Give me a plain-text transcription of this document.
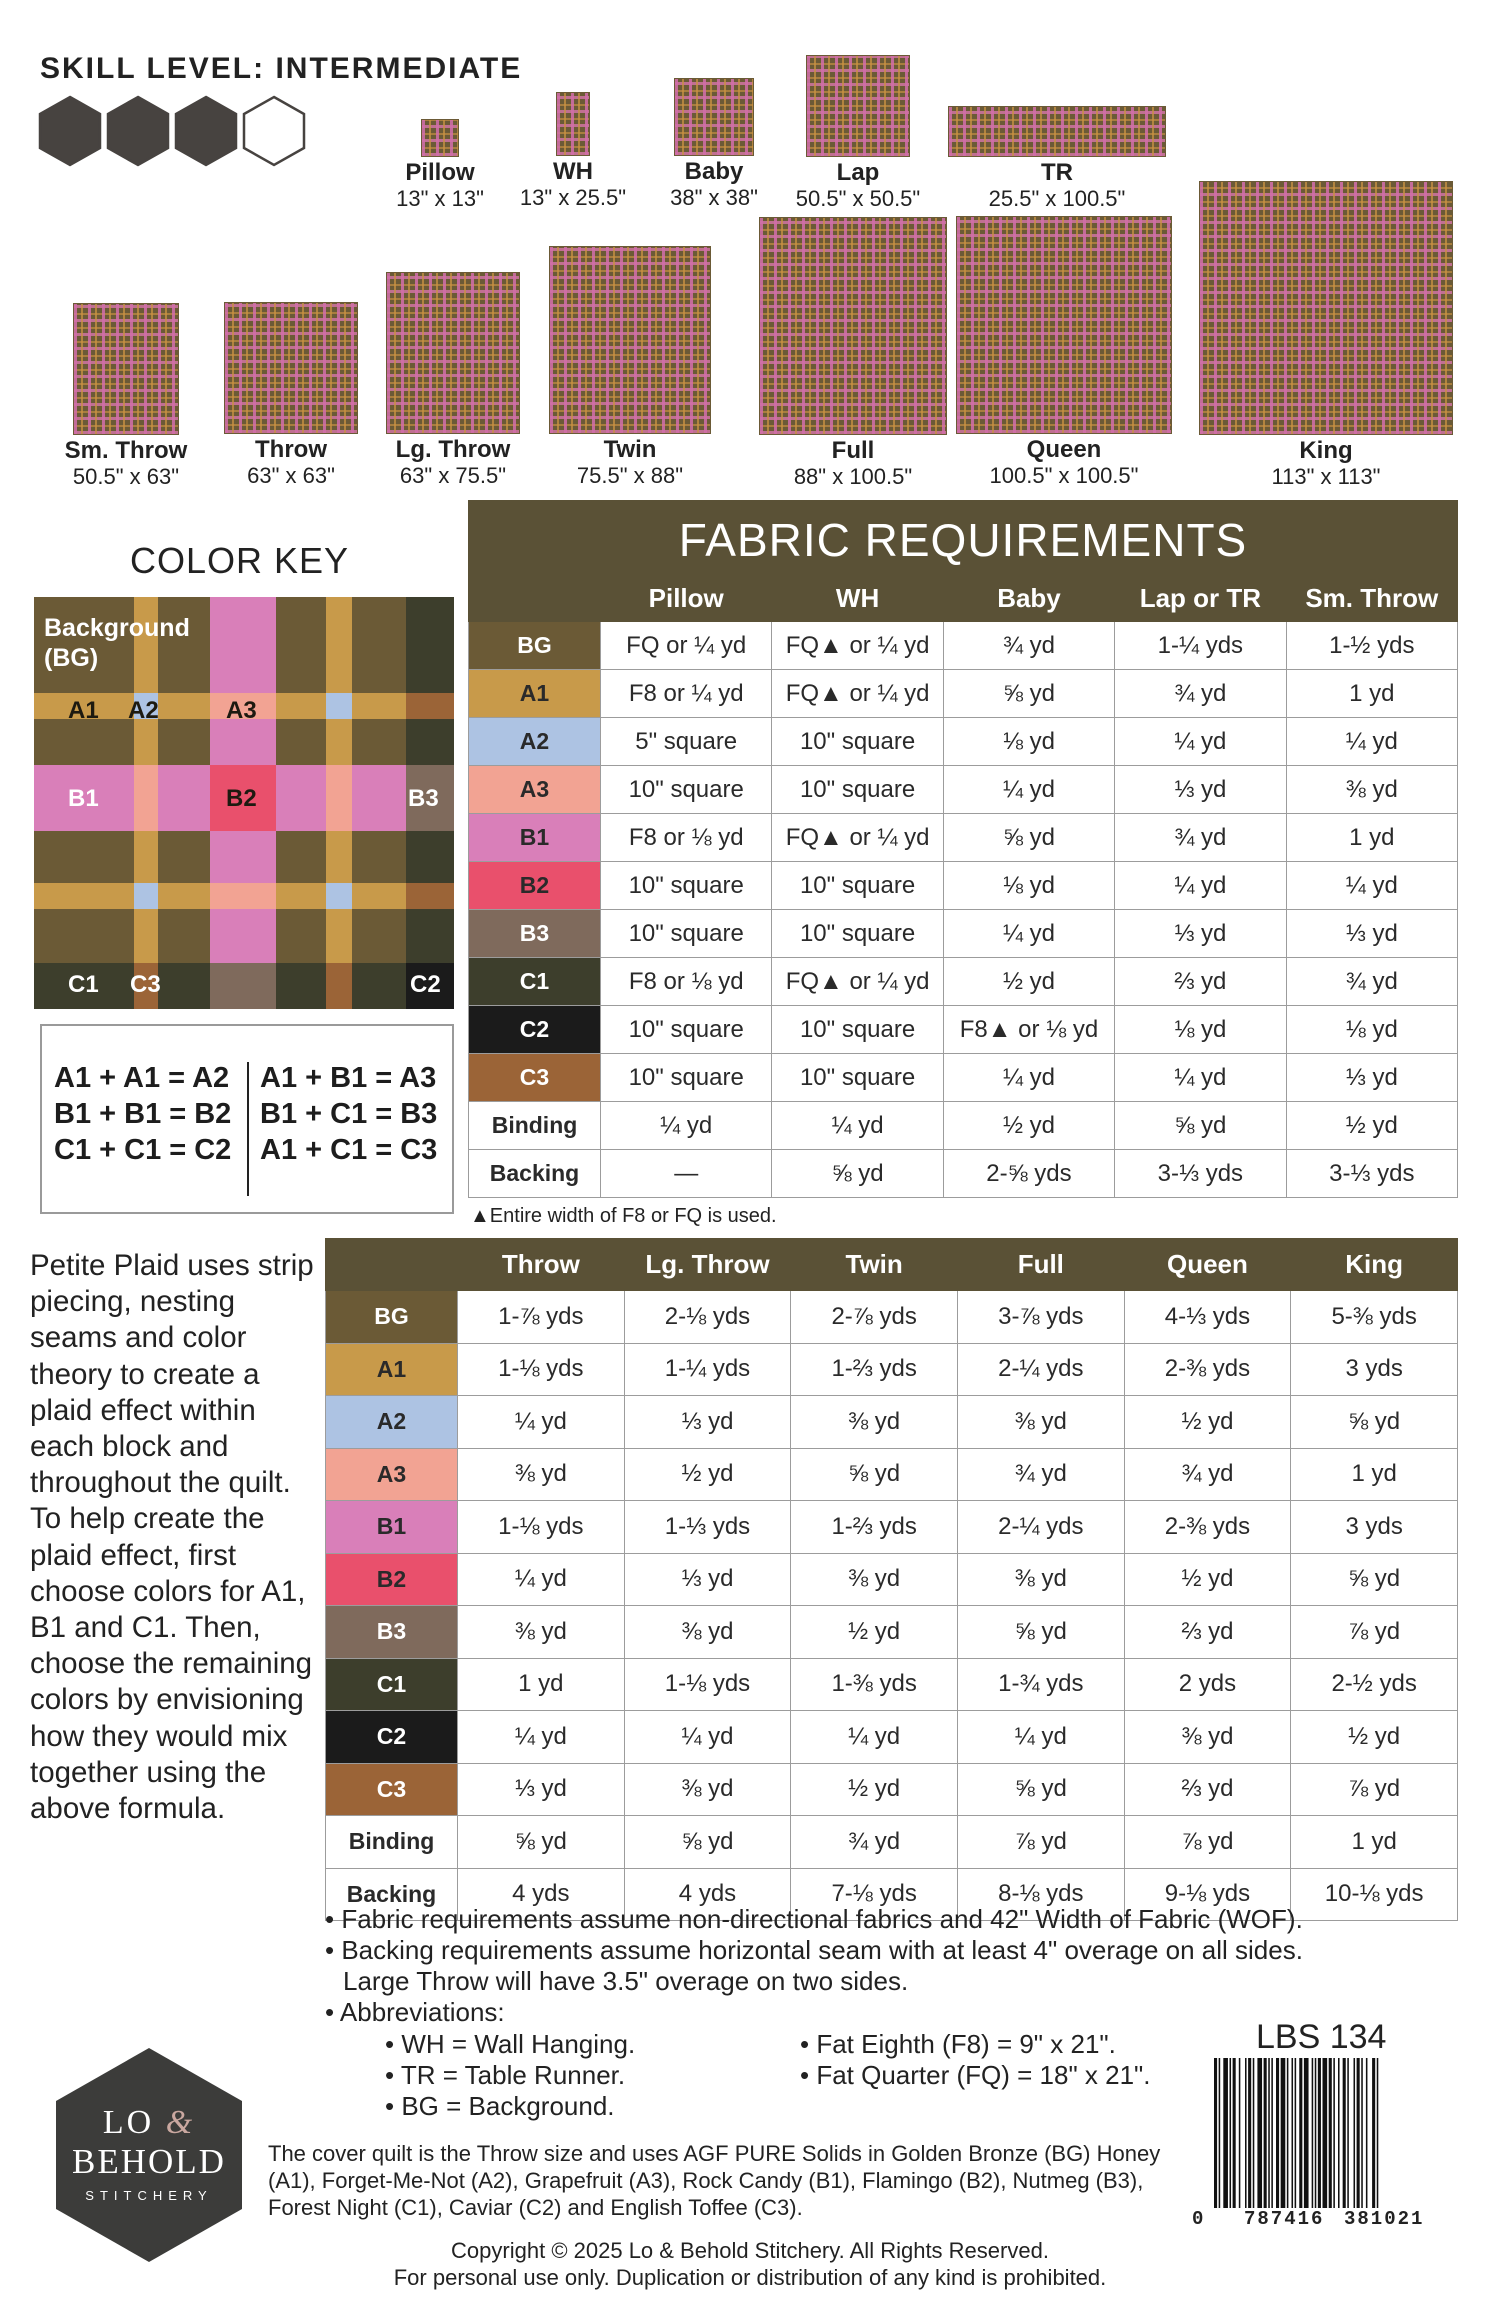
SKILL LEVEL: INTERMEDIATE
Pillow
13" x 13"
WH
13" x 25.5"
Baby
38" x 38"
Lap
50.5" x 50.5"
TR
25.5" x 100.5"
Sm. Throw
50.5" x 63"
Throw
63" x 63"
Lg. Throw
63" x 75.5"
Twin
75.5" x 88"
Full
88" x 100.5"
Queen
100.5" x 100.5"
King
113" x 113"
COLOR KEY
Background
(BG)
A1 A2	A3
B1	B2	B3
C1	C2
C3
A1 + A1 = A2
B1 + B1 = B2
C1 + C1 = C2
A1 + B1 = A3
B1 + C1 = B3
A1 + C1 = C3
FABRIC REQUIREMENTS
	Pillow	WH	Baby	Lap or TR	Sm. Throw
BG	FQ or ¼ yd	FQ▲ or ¼ yd	¾ yd	1-¼ yds	1-½ yds
A1	F8 or ¼ yd	FQ▲ or ¼ yd	⅝ yd	¾ yd	1 yd
A2	5" square	10" square	⅛ yd	¼ yd	¼ yd
A3	10" square	10" square	¼ yd	⅓ yd	⅜ yd
B1	F8 or ⅛ yd	FQ▲ or ¼ yd	⅝ yd	¾ yd	1 yd
B2	10" square	10" square	⅛ yd	¼ yd	¼ yd
B3	10" square	10" square	¼ yd	⅓ yd	⅓ yd
C1	F8 or ⅛ yd	FQ▲ or ¼ yd	½ yd	⅔ yd	¾ yd
C2	10" square	10" square	F8▲ or ⅛ yd	⅛ yd	⅛ yd
C3	10" square	10" square	¼ yd	¼ yd	⅓ yd
Binding	¼ yd	¼ yd	½ yd	⅝ yd	½ yd
Backing	—	⅝ yd	2-⅝ yds	3-⅓ yds	3-⅓ yds
▲Entire width of F8 or FQ is used.
	Throw	Lg. Throw	Twin	Full	Queen	King
BG	1-⅞ yds	2-⅛ yds	2-⅞ yds	3-⅞ yds	4-⅓ yds	5-⅜ yds
A1	1-⅛ yds	1-¼ yds	1-⅔ yds	2-¼ yds	2-⅜ yds	3 yds
A2	¼ yd	⅓ yd	⅜ yd	⅜ yd	½ yd	⅝ yd
A3	⅜ yd	½ yd	⅝ yd	¾ yd	¾ yd	1 yd
B1	1-⅛ yds	1-⅓ yds	1-⅔ yds	2-¼ yds	2-⅜ yds	3 yds
B2	¼ yd	⅓ yd	⅜ yd	⅜ yd	½ yd	⅝ yd
B3	⅜ yd	⅜ yd	½ yd	⅝ yd	⅔ yd	⅞ yd
C1	1 yd	1-⅛ yds	1-⅜ yds	1-¾ yds	2 yds	2-½ yds
C2	¼ yd	¼ yd	¼ yd	¼ yd	⅜ yd	½ yd
C3	⅓ yd	⅜ yd	½ yd	⅝ yd	⅔ yd	⅞ yd
Binding	⅝ yd	⅝ yd	¾ yd	⅞ yd	⅞ yd	1 yd
Backing	4 yds	4 yds	7-⅛ yds	8-⅛ yds	9-⅛ yds	10-⅛ yds
Petite Plaid uses strip piecing, nesting seams and color theory to create a plaid effect within each block and throughout the quilt. To help create the plaid effect, first choose colors for A1, B1 and C1. Then, choose the remaining colors by envisioning how they would mix together using the above formula.
• Fabric requirements assume non-directional fabrics and 42" Width of Fabric (WOF).
• Backing requirements assume horizontal seam with at least 4" overage on all sides.
Large Throw will have 3.5" overage on two sides.
• Abbreviations:
• WH = Wall Hanging.
• TR = Table Runner.
• BG = Background.
• Fat Eighth (F8) = 9" x 21".
• Fat Quarter (FQ) = 18" x 21".
LO &
BEHOLD
STITCHERY
The cover quilt is the Throw size and uses AGF PURE Solids in Golden Bronze (BG) Honey (A1), Forget-Me-Not (A2), Grapefruit (A3), Rock Candy (B1), Flamingo (B2), Nutmeg (B3), Forest Night (C1), Caviar (C2) and English Toffee (C3).
Copyright © 2025 Lo & Behold Stitchery. All Rights Reserved.
For personal use only. Duplication or distribution of any kind is prohibited.
LBS 134
0 787416 381021
